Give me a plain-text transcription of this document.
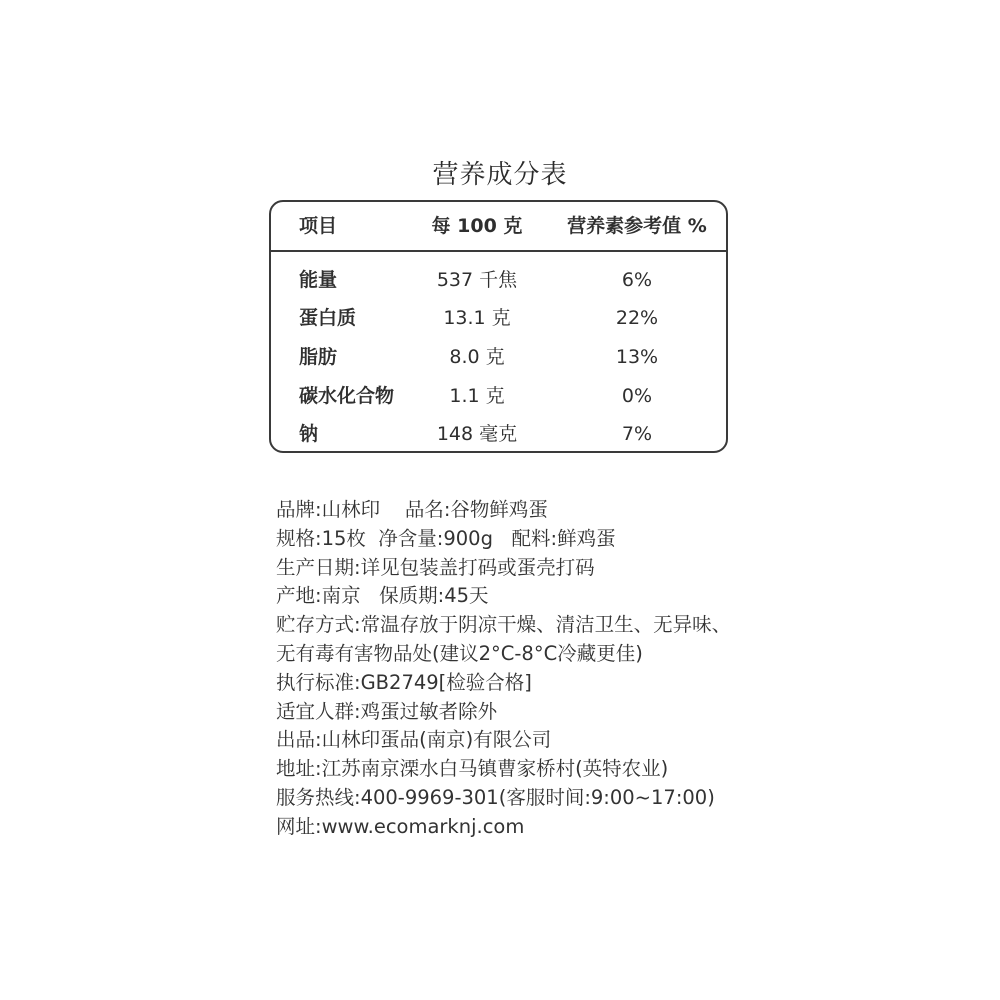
营养成分表
项目	每 100 克	营养素参考值 %
能量	537 千焦	6%
蛋白质	13.1 克	22%
脂肪	8.0 克	13%
碳水化合物	1.1 克	0%
钠	148 毫克	7%
品牌:山林印    品名:谷物鲜鸡蛋
规格:15枚  净含量:900g   配料:鲜鸡蛋
生产日期:详见包装盖打码或蛋壳打码
产地:南京   保质期:45天
贮存方式:常温存放于阴凉干燥、清洁卫生、无异味、
无有毒有害物品处(建议2°C-8°C冷藏更佳)
执行标准:GB2749[检验合格]
适宜人群:鸡蛋过敏者除外
出品:山林印蛋品(南京)有限公司
地址:江苏南京溧水白马镇曹家桥村(英特农业)
服务热线:400-9969-301(客服时间:9:00~17:00)
网址:www.ecomarknj.com
